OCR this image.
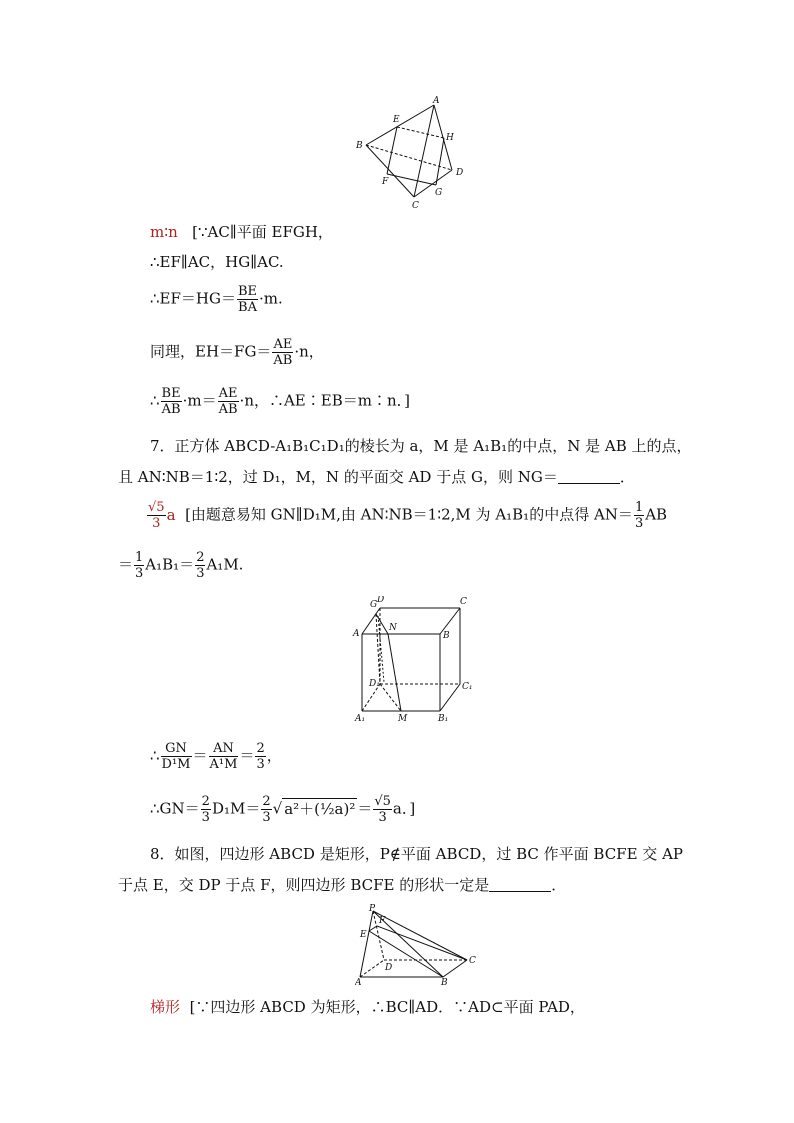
A
B
C
D
E
F
G
H
m∶n [∵AC∥平面 EFGH，
∴EF∥AC，HG∥AC.
∴EF＝HG＝ $\frac{BE}{BA} \cdot m$.
同理，$EH=FG= \frac{AE}{AB} \cdot n$，
∴ $\frac{BE}{AB} \cdot m= \frac{AE}{AB} \cdot n$，∴AE∶EB＝m∶n．]
7．正方体 ABCD-A₁B₁C₁D₁的棱长为 a，M 是 A₁B₁的中点，N 是 AB 上的点，
且 AN∶NB＝1∶2，过 D₁，M，N 的平面交 AD 于点 G，则 NG＝	．
$\frac{√5}{3}$ a [由题意易知 GN∥D₁M,由 AN∶NB＝1∶2,M 为 A₁B₁的中点得 $AN= \frac{1}{3}$ AB
＝ $\frac{1}{3} A_1B_1= \frac{2}{3} A_1M$.
G D	C
A
N
B
D₁	C₁
A₁	M	B₁
∴ $\frac{GN}{\text{D¹M}} = \frac{AN}{\text{A¹M}} = \frac{2}{3}$ ，
∴GN＝ $\frac{2}{3} D_1M= \frac{2}{3}$ √ a²＋(½a)² ＝ $\frac{√5}{3}$ a．]
8．如图，四边形 ABCD 是矩形，P∉平面 ABCD，过 BC 作平面 BCFE 交 AP
于点 E，交 DP 于点 F，则四边形 BCFE 的形状一定是	．
P
F
E
D
C
A	B
梯形 [∵四边形 ABCD 为矩形，∴BC∥AD．∵AD⊂平面 PAD，
